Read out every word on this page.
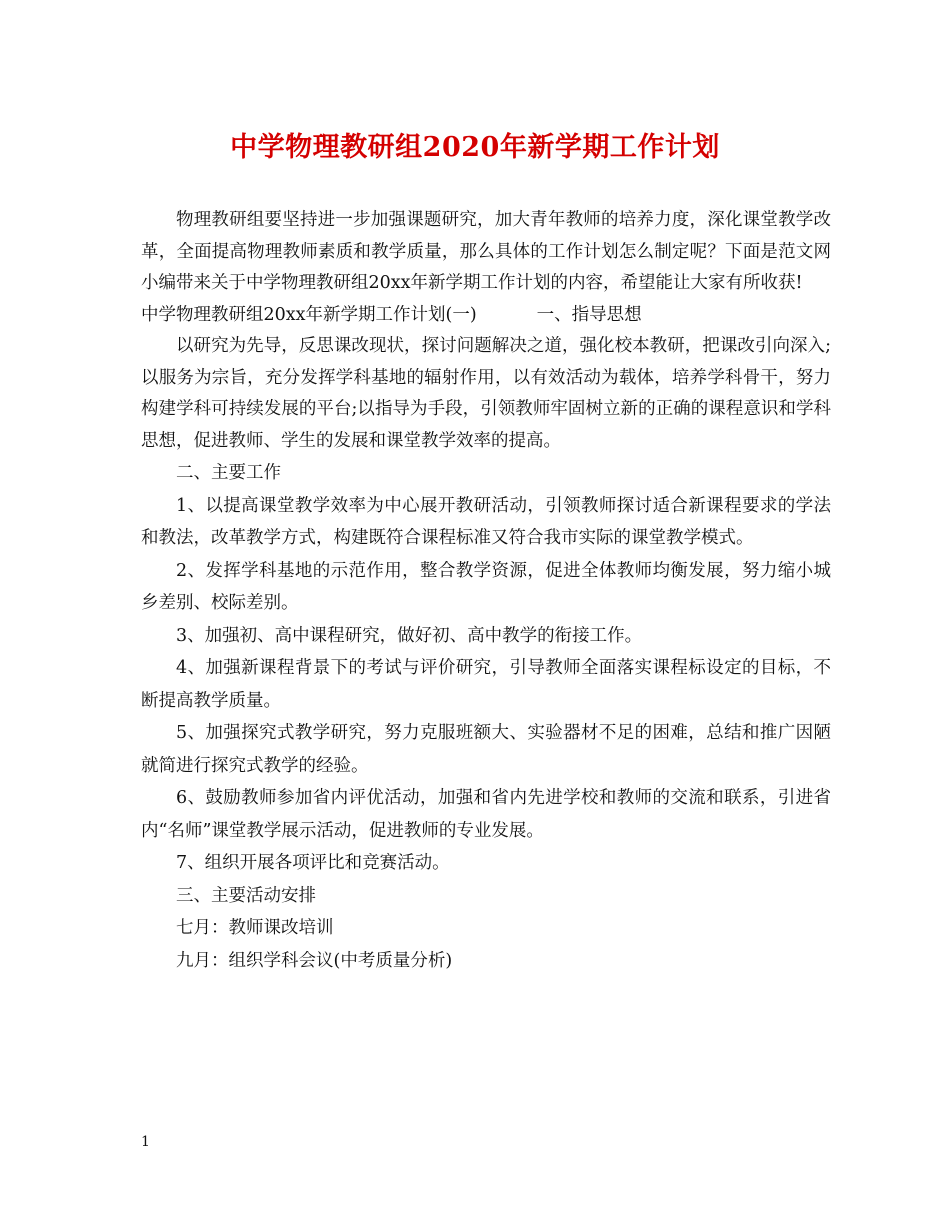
中学物理教研组2020年新学期工作计划

物理教研组要坚持进一步加强课题研究，加大青年教师的培养力度，深化课堂教学改革，全面提高物理教师素质和教学质量，那么具体的工作计划怎么制定呢？下面是范文网小编带来关于中学物理教研组20xx年新学期工作计划的内容，希望能让大家有所收获!

中学物理教研组20xx年新学期工作计划(一)	一、指导思想

以研究为先导，反思课改现状，探讨问题解决之道，强化校本教研，把课改引向深入;以服务为宗旨，充分发挥学科基地的辐射作用，以有效活动为载体，培养学科骨干，努力构建学科可持续发展的平台;以指导为手段，引领教师牢固树立新的正确的课程意识和学科思想，促进教师、学生的发展和课堂教学效率的提高。

二、主要工作

1、以提高课堂教学效率为中心展开教研活动，引领教师探讨适合新课程要求的学法和教法，改革教学方式，构建既符合课程标准又符合我市实际的课堂教学模式。

2、发挥学科基地的示范作用，整合教学资源，促进全体教师均衡发展，努力缩小城乡差别、校际差别。

3、加强初、高中课程研究，做好初、高中教学的衔接工作。

4、加强新课程背景下的考试与评价研究，引导教师全面落实课程标设定的目标，不断提高教学质量。

5、加强探究式教学研究，努力克服班额大、实验器材不足的困难，总结和推广因陋就简进行探究式教学的经验。

6、鼓励教师参加省内评优活动，加强和省内先进学校和教师的交流和联系，引进省内“名师”课堂教学展示活动，促进教师的专业发展。

7、组织开展各项评比和竞赛活动。

三、主要活动安排

七月：教师课改培训

九月：组织学科会议(中考质量分析)

1
